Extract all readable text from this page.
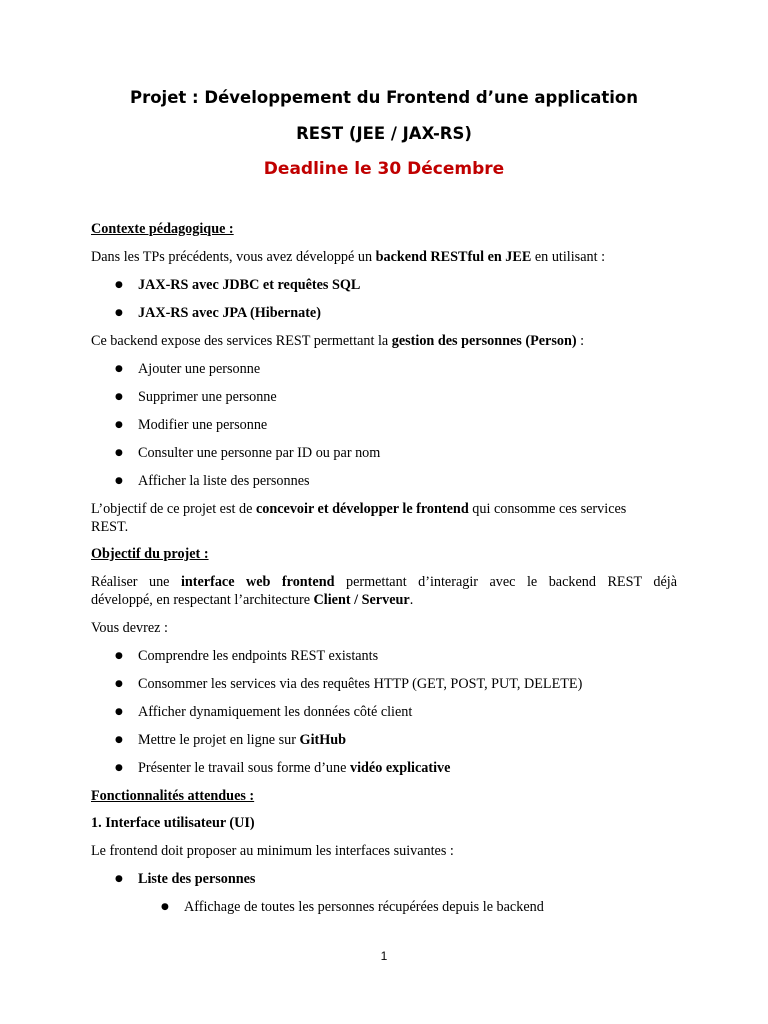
Projet : Développement du Frontend d’une application
REST (JEE / JAX-RS)
Deadline le 30 Décembre
Contexte pédagogique :
Dans les TPs précédents, vous avez développé un backend RESTful en JEE en utilisant :
● JAX-RS avec JDBC et requêtes SQL
● JAX-RS avec JPA (Hibernate)
Ce backend expose des services REST permettant la gestion des personnes (Person) :
● Ajouter une personne
● Supprimer une personne
● Modifier une personne
● Consulter une personne par ID ou par nom
● Afficher la liste des personnes
L’objectif de ce projet est de concevoir et développer le frontend qui consomme ces services
REST.
Objectif du projet :
Réaliser une interface web frontend permettant d’interagir avec le backend REST déjà
développé, en respectant l’architecture Client / Serveur.
Vous devrez :
● Comprendre les endpoints REST existants
● Consommer les services via des requêtes HTTP (GET, POST, PUT, DELETE)
● Afficher dynamiquement les données côté client
● Mettre le projet en ligne sur GitHub
● Présenter le travail sous forme d’une vidéo explicative
Fonctionnalités attendues :
1. Interface utilisateur (UI)
Le frontend doit proposer au minimum les interfaces suivantes :
● Liste des personnes
● Affichage de toutes les personnes récupérées depuis le backend
1
